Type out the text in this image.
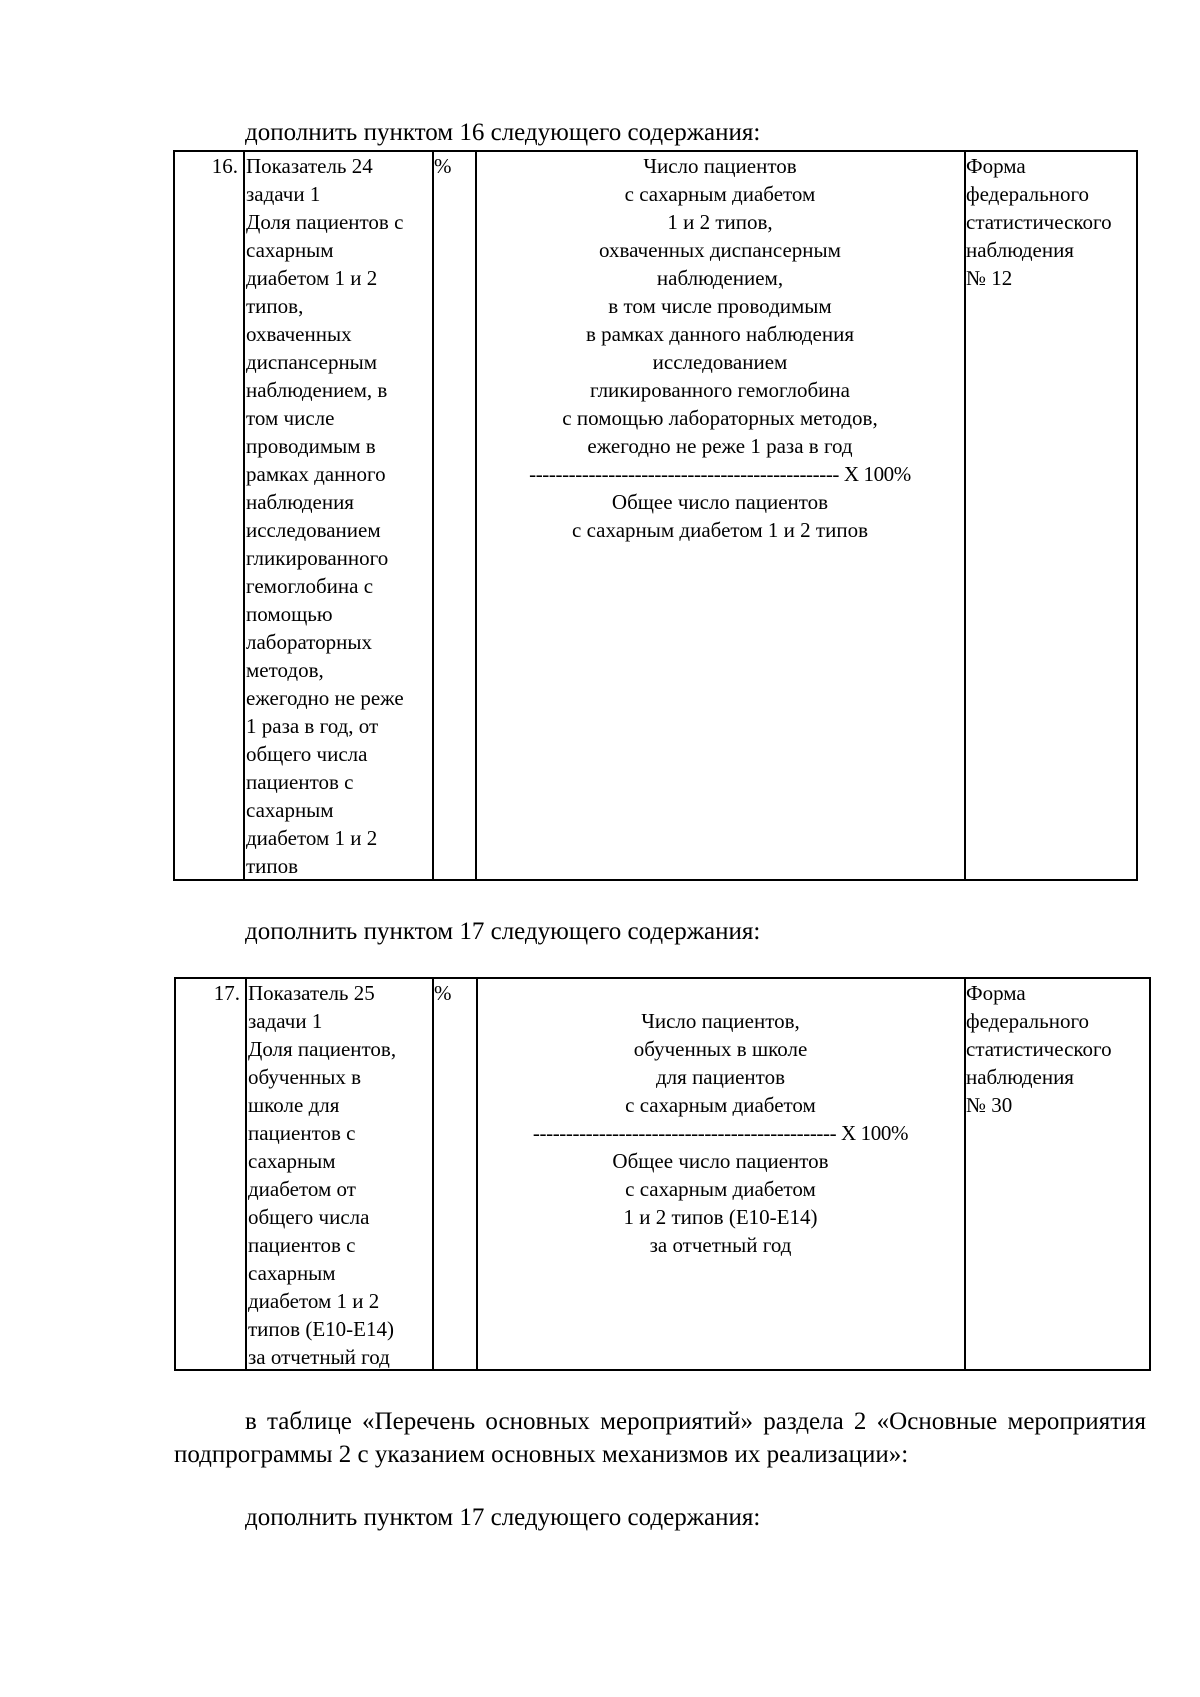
дополнить пунктом 16 следующего содержания:
16. Показатель 24
задачи 1
Доля пациентов с
сахарным
диабетом 1 и 2
типов,
охваченных
диспансерным
наблюдением, в
том числе
проводимым в
рамках данного
наблюдения
исследованием
гликированного
гемоглобина с
помощью
лабораторных
методов,
ежегодно не реже
1 раза в год, от
общего числа
пациентов с
сахарным
диабетом 1 и 2
типов
%	Число пациентов
с сахарным диабетом
1 и 2 типов,
охваченных диспансерным
наблюдением,
в том числе проводимым
в рамках данного наблюдения
исследованием
гликированного гемоглобина
с помощью лабораторных методов,
ежегодно не реже 1 раза в год
----------------------------------------------- X 100%
Общее число пациентов
с сахарным диабетом 1 и 2 типов
Форма
федерального
статистического
наблюдения
№ 12
дополнить пунктом 17 следующего содержания:
17. Показатель 25
задачи 1
Доля пациентов,
обученных в
школе для
пациентов с
сахарным
диабетом от
общего числа
пациентов с
сахарным
диабетом 1 и 2
типов (Е10-Е14)
за отчетный год
%
Число пациентов,
обученных в школе
для пациентов
с сахарным диабетом
---------------------------------------------- X 100%
Общее число пациентов
с сахарным диабетом
1 и 2 типов (Е10-Е14)
за отчетный год
Форма
федерального
статистического
наблюдения
№ 30
в таблице «Перечень основных мероприятий» раздела 2 «Основные мероприятия подпрограммы 2 с указанием основных механизмов их реализации»:
дополнить пунктом 17 следующего содержания:
